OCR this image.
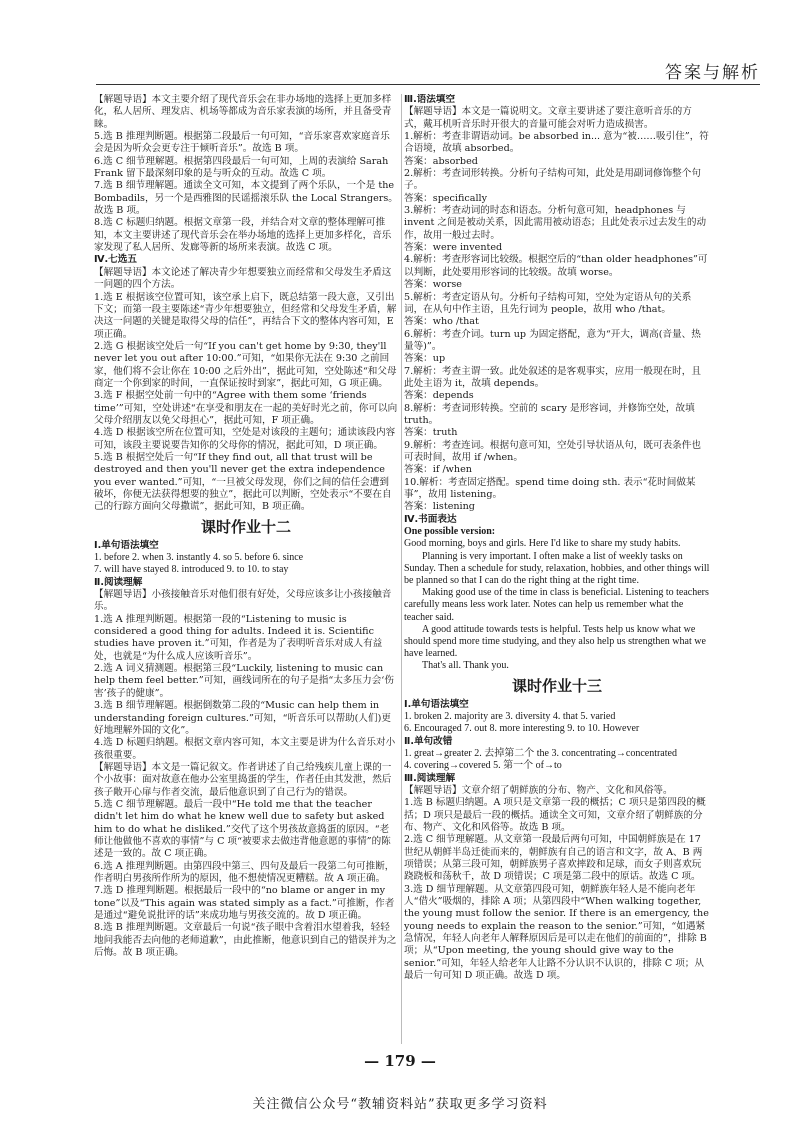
答案与解析

【解题导语】本文主要介绍了现代音乐会在非办场地的选择上更加多样化，私人居所、理发店、机场等都成为音乐家表演的场所，并且备受青睐。

5.选 B 推理判断题。根据第二段最后一句可知，“音乐家喜欢家庭音乐会是因为听众会更专注于倾听音乐”。故选 B 项。

6.选 C 细节理解题。根据第四段最后一句可知，上周的表演给 Sarah Frank 留下最深刻印象的是与听众的互动。故选 C 项。

7.选 B 细节理解题。通读全文可知，本文提到了两个乐队，一个是 the Bombadils，另一个是西雅图的民谣摇滚乐队 the Local Strangers。故选 B 项。

8.选 C 标题归纳题。根据文章第一段，并结合对文章的整体理解可推知，本文主要讲述了现代音乐会在举办场地的选择上更加多样化，音乐家发现了私人居所、发廊等新的场所来表演。故选 C 项。

Ⅳ.七选五

【解题导语】本文论述了解决青少年想要独立而经常和父母发生矛盾这一问题的四个方法。

1.选 E 根据该空位置可知，该空承上启下，既总结第一段大意，又引出下文；而第一段主要陈述“青少年想要独立，但经常和父母发生矛盾，解决这一问题的关键是取得父母的信任”，再结合下文的整体内容可知，E 项正确。

2.选 G 根据该空处后一句“If you can't get home by 9:30, they'll never let you out after 10:00.”可知，“如果你无法在 9:30 之前回家，他们将不会让你在 10:00 之后外出”，据此可知，空处陈述“和父母商定一个你到家的时间，一直保证按时到家”，据此可知，G 项正确。

3.选 F 根据空处前一句中的“Agree with them some ‘friends time’”可知，空处讲述“在享受和朋友在一起的美好时光之前，你可以向父母介绍朋友以免父母担心”，据此可知，F 项正确。

4.选 D 根据该空所在位置可知，空处是对该段的主题句；通读该段内容可知，该段主要说要告知你的父母你的情况，据此可知，D 项正确。

5.选 B 根据空处后一句“If they find out, all that trust will be destroyed and then you'll never get the extra independence you ever wanted.”可知，“一旦被父母发现，你们之间的信任会遭到破坏，你便无法获得想要的独立”，据此可以判断，空处表示“不要在自己的行踪方面向父母撒谎”，据此可知，B 项正确。

课时作业十二

Ⅰ.单句语法填空

1. before 2. when 3. instantly 4. so 5. before 6. since

7. will have stayed 8. introduced 9. to 10. to stay

Ⅱ.阅读理解

【解题导语】小孩接触音乐对他们很有好处，父母应该多让小孩接触音乐。

1.选 A 推理判断题。根据第一段的“Listening to music is considered a good thing for adults. Indeed it is. Scientific studies have proven it.”可知，作者是为了表明听音乐对成人有益处，也就是“为什么成人应该听音乐”。

2.选 A 词义猜测题。根据第三段“Luckily, listening to music can help them feel better.”可知，画线词所在的句子是指“太多压力会‘伤害’孩子的健康”。

3.选 B 细节理解题。根据倒数第二段的“Music can help them in understanding foreign cultures.”可知，“听音乐可以帮助(人们)更好地理解外国的文化”。

4.选 D 标题归纳题。根据文章内容可知，本文主要是讲为什么音乐对小孩很重要。

【解题导语】本文是一篇记叙文。作者讲述了自己给残疾儿童上课的一个小故事：面对故意在他办公室里捣蛋的学生，作者任由其发泄，然后孩子敞开心扉与作者交流，最后他意识到了自己行为的错误。

5.选 C 细节理解题。最后一段中“He told me that the teacher didn't let him do what he knew well due to safety but asked him to do what he disliked.”交代了这个男孩故意捣蛋的原因。“老师让他做他不喜欢的事情”与 C 项“被要求去做违背他意愿的事情”的陈述是一致的。故 C 项正确。

6.选 A 推理判断题。由第四段中第三、四句及最后一段第二句可推断，作者明白男孩所作所为的原因，他不想使情况更糟糕。故 A 项正确。

7.选 D 推理判断题。根据最后一段中的“no blame or anger in my tone”以及“This again was stated simply as a fact.”可推断，作者是通过“避免说批评的话”来成功地与男孩交流的。故 D 项正确。

8.选 B 推理判断题。文章最后一句说“孩子眼中含着泪水望着我，轻轻地问我能否去向他的老师道歉”，由此推断，他意识到自己的错误并为之后悔。故 B 项正确。

Ⅲ.语法填空

【解题导语】本文是一篇说明文。文章主要讲述了要注意听音乐的方式，戴耳机听音乐时开很大的音量可能会对听力造成损害。

1.解析：考查非谓语动词。be absorbed in... 意为“被……吸引住”，符合语境，故填 absorbed。

答案：absorbed

2.解析：考查词形转换。分析句子结构可知，此处是用副词修饰整个句子。

答案：specifically

3.解析：考查动词的时态和语态。分析句意可知，headphones 与 invent 之间是被动关系，因此需用被动语态；且此处表示过去发生的动作，故用一般过去时。

答案：were invented

4.解析：考查形容词比较级。根据空后的“than older headphones”可以判断，此处要用形容词的比较级。故填 worse。

答案：worse

5.解析：考查定语从句。分析句子结构可知，空处为定语从句的关系词，在从句中作主语，且先行词为 people，故用 who /that。

答案：who /that

6.解析：考查介词。turn up 为固定搭配，意为“开大，调高(音量、热量等)”。

答案：up

7.解析：考查主谓一致。此处叙述的是客观事实，应用一般现在时，且此处主语为 it，故填 depends。

答案：depends

8.解析：考查词形转换。空前的 scary 是形容词，并修饰空处，故填 truth。

答案：truth

9.解析：考查连词。根据句意可知，空处引导状语从句，既可表条件也可表时间，故用 if /when。

答案：if /when

10.解析：考查固定搭配。spend time doing sth. 表示“花时间做某事”，故用 listening。

答案：listening

Ⅳ.书面表达

One possible version:

Good morning, boys and girls. Here I'd like to share my study habits.

Planning is very important. I often make a list of weekly tasks on Sunday. Then a schedule for study, relaxation, hobbies, and other things will be planned so that I can do the right thing at the right time.

Making good use of the time in class is beneficial. Listening to teachers carefully means less work later. Notes can help us remember what the teacher said.

A good attitude towards tests is helpful. Tests help us know what we should spend more time studying, and they also help us strengthen what we have learned.

That's all. Thank you.

课时作业十三

Ⅰ.单句语法填空

1. broken 2. majority are 3. diversity 4. that 5. varied

6. Encouraged 7. out 8. more interesting 9. to 10. However

Ⅱ.单句改错

1. great→greater 2. 去掉第二个 the 3. concentrating→concentrated

4. covering→covered 5. 第一个 of→to

Ⅲ.阅读理解

【解题导语】文章介绍了朝鲜族的分布、物产、文化和风俗等。

1.选 B 标题归纳题。A 项只是文章第一段的概括；C 项只是第四段的概括；D 项只是最后一段的概括。通读全文可知，文章介绍了朝鲜族的分布、物产、文化和风俗等。故选 B 项。

2.选 C 细节理解题。从文章第一段最后两句可知，中国朝鲜族是在 17 世纪从朝鲜半岛迁徙而来的，朝鲜族有自己的语言和文字，故 A、B 两项错误；从第三段可知，朝鲜族男子喜欢摔跤和足球，而女子则喜欢玩跷跷板和荡秋千，故 D 项错误；C 项是第二段中的原话。故选 C 项。

3.选 D 细节理解题。从文章第四段可知，朝鲜族年轻人是不能向老年人“借火”吸烟的，排除 A 项；从第四段中“When walking together, the young must follow the senior. If there is an emergency, the young needs to explain the reason to the senior.”可知，“如遇紧急情况，年轻人向老年人解释原因后是可以走在他们的前面的”，排除 B 项；从“Upon meeting, the young should give way to the senior.”可知，年轻人给老年人让路不分认识不认识的，排除 C 项；从最后一句可知 D 项正确。故选 D 项。

— 179 —
关注微信公众号“教辅资料站”获取更多学习资料
